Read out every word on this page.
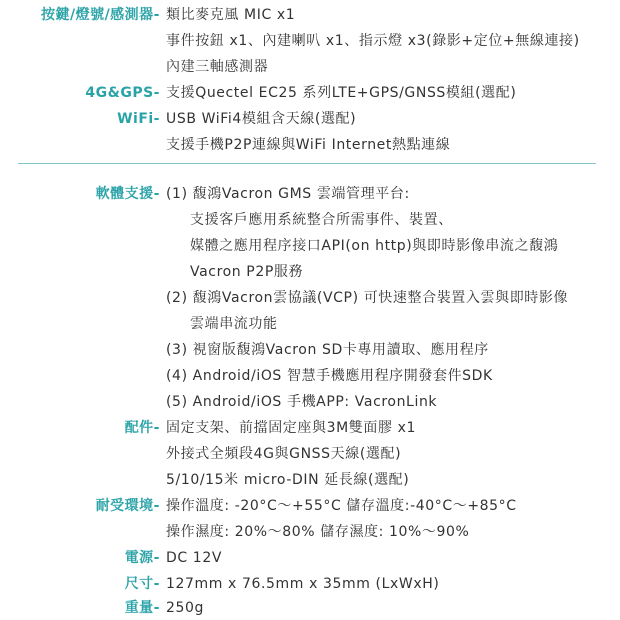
按鍵/燈號/感測器- 類比麥克風 MIC x1
事件按鈕 x1、內建喇叭 x1、指示燈 x3(錄影+定位+無線連接)
內建三軸感測器
4G&GPS- 支援Quectel EC25 系列LTE+GPS/GNSS模組(選配)
WiFi- USB WiFi4模組含天線(選配)
支援手機P2P連線與WiFi Internet熱點連線
軟體支援- (1) 馥鴻Vacron GMS 雲端管理平台:
支援客戶應用系統整合所需事件、裝置、
媒體之應用程序接口API(on http)與即時影像串流之馥鴻
Vacron P2P服務
(2) 馥鴻Vacron雲協議(VCP) 可快速整合裝置入雲與即時影像
雲端串流功能
(3) 視窗版馥鴻Vacron SD卡專用讀取、應用程序
(4) Android/iOS 智慧手機應用程序開發套件SDK
(5) Android/iOS 手機APP: VacronLink
配件- 固定支架、前擋固定座與3M雙面膠 x1
外接式全頻段4G與GNSS天線(選配)
5/10/15米 micro-DIN 延長線(選配)
耐受環境- 操作溫度: -20°C〜+55°C 儲存溫度:-40°C〜+85°C
操作濕度: 20%〜80% 儲存濕度: 10%〜90%
電源- DC 12V
尺寸- 127mm x 76.5mm x 35mm (LxWxH)
重量- 250g
